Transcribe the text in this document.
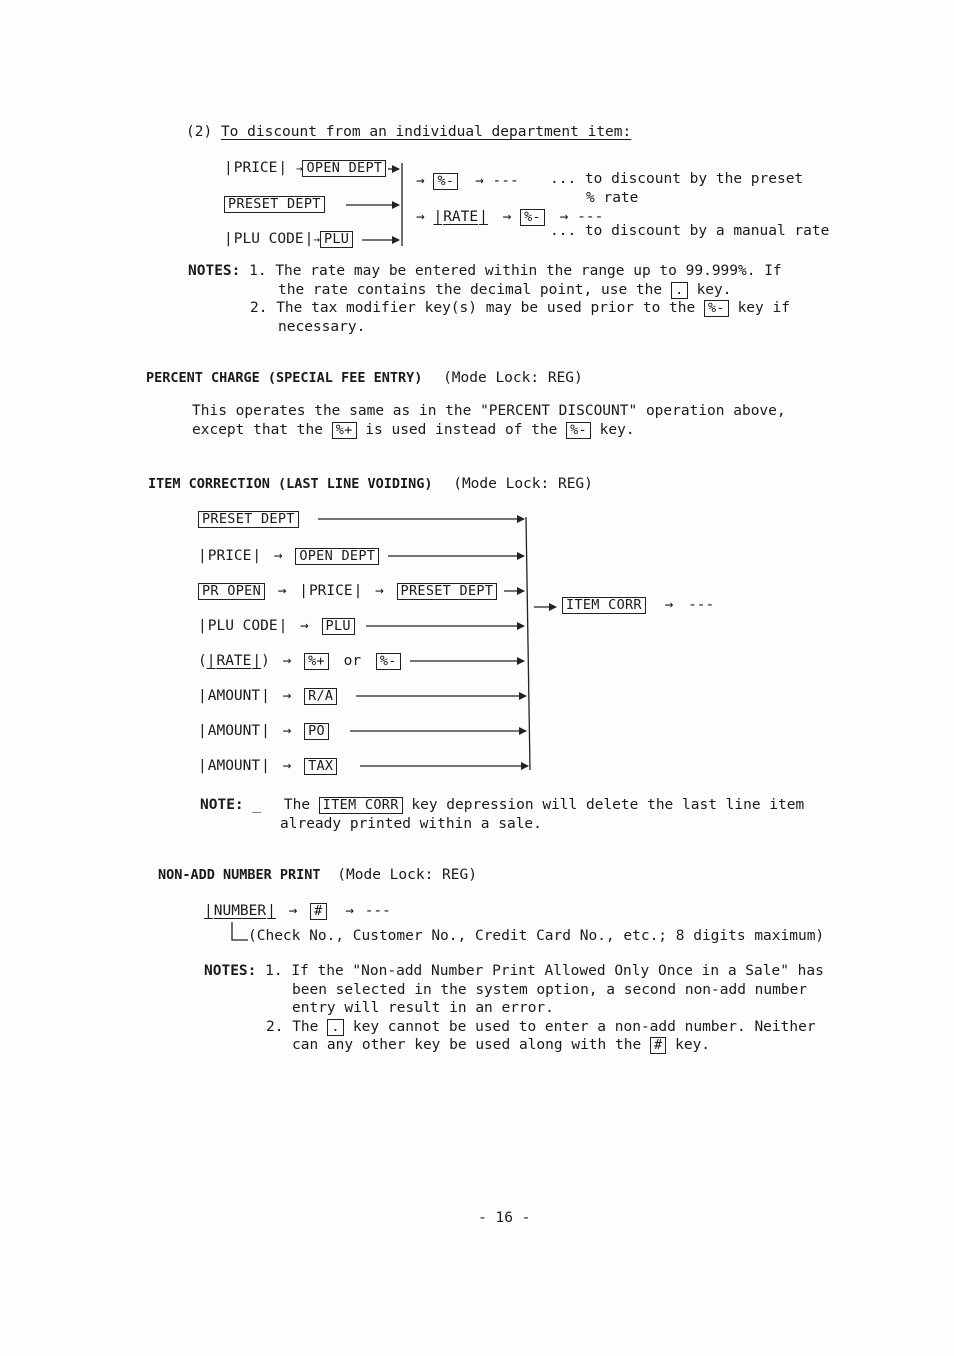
(2) To discount from an individual department item:
| PRICE | → OPEN DEPT
PRESET DEPT
| PLU CODE | → PLU
→ %- → --- ... to discount by the preset
% rate
→ | RATE | → %- → ---
... to discount by a manual rate
NOTES: 1. The rate may be entered within the range up to 99.999%. If
the rate contains the decimal point, use the . key.
2. The tax modifier key(s) may be used prior to the %- key if
necessary.
PERCENT CHARGE (SPECIAL FEE ENTRY) (Mode Lock: REG)
This operates the same as in the "PERCENT DISCOUNT" operation above,
except that the %+ is used instead of the %- key.
ITEM CORRECTION (LAST LINE VOIDING) (Mode Lock: REG)
PRESET DEPT
| PRICE | → OPEN DEPT
PR OPEN → | PRICE | → PRESET DEPT
| PLU CODE | → PLU
( | RATE | ) → %+ or %-
| AMOUNT | → R/A
| AMOUNT | → PO
| AMOUNT | → TAX
ITEM CORR → ---
NOTE: _ The ITEM CORR key depression will delete the last line item
already printed within a sale.
NON-ADD NUMBER PRINT (Mode Lock: REG)
| NUMBER | → # → ---
(Check No., Customer No., Credit Card No., etc.; 8 digits maximum)
NOTES: 1. If the "Non-add Number Print Allowed Only Once in a Sale" has
been selected in the system option, a second non-add number
entry will result in an error.
2. The . key cannot be used to enter a non-add number. Neither
can any other key be used along with the # key.
- 16 -
